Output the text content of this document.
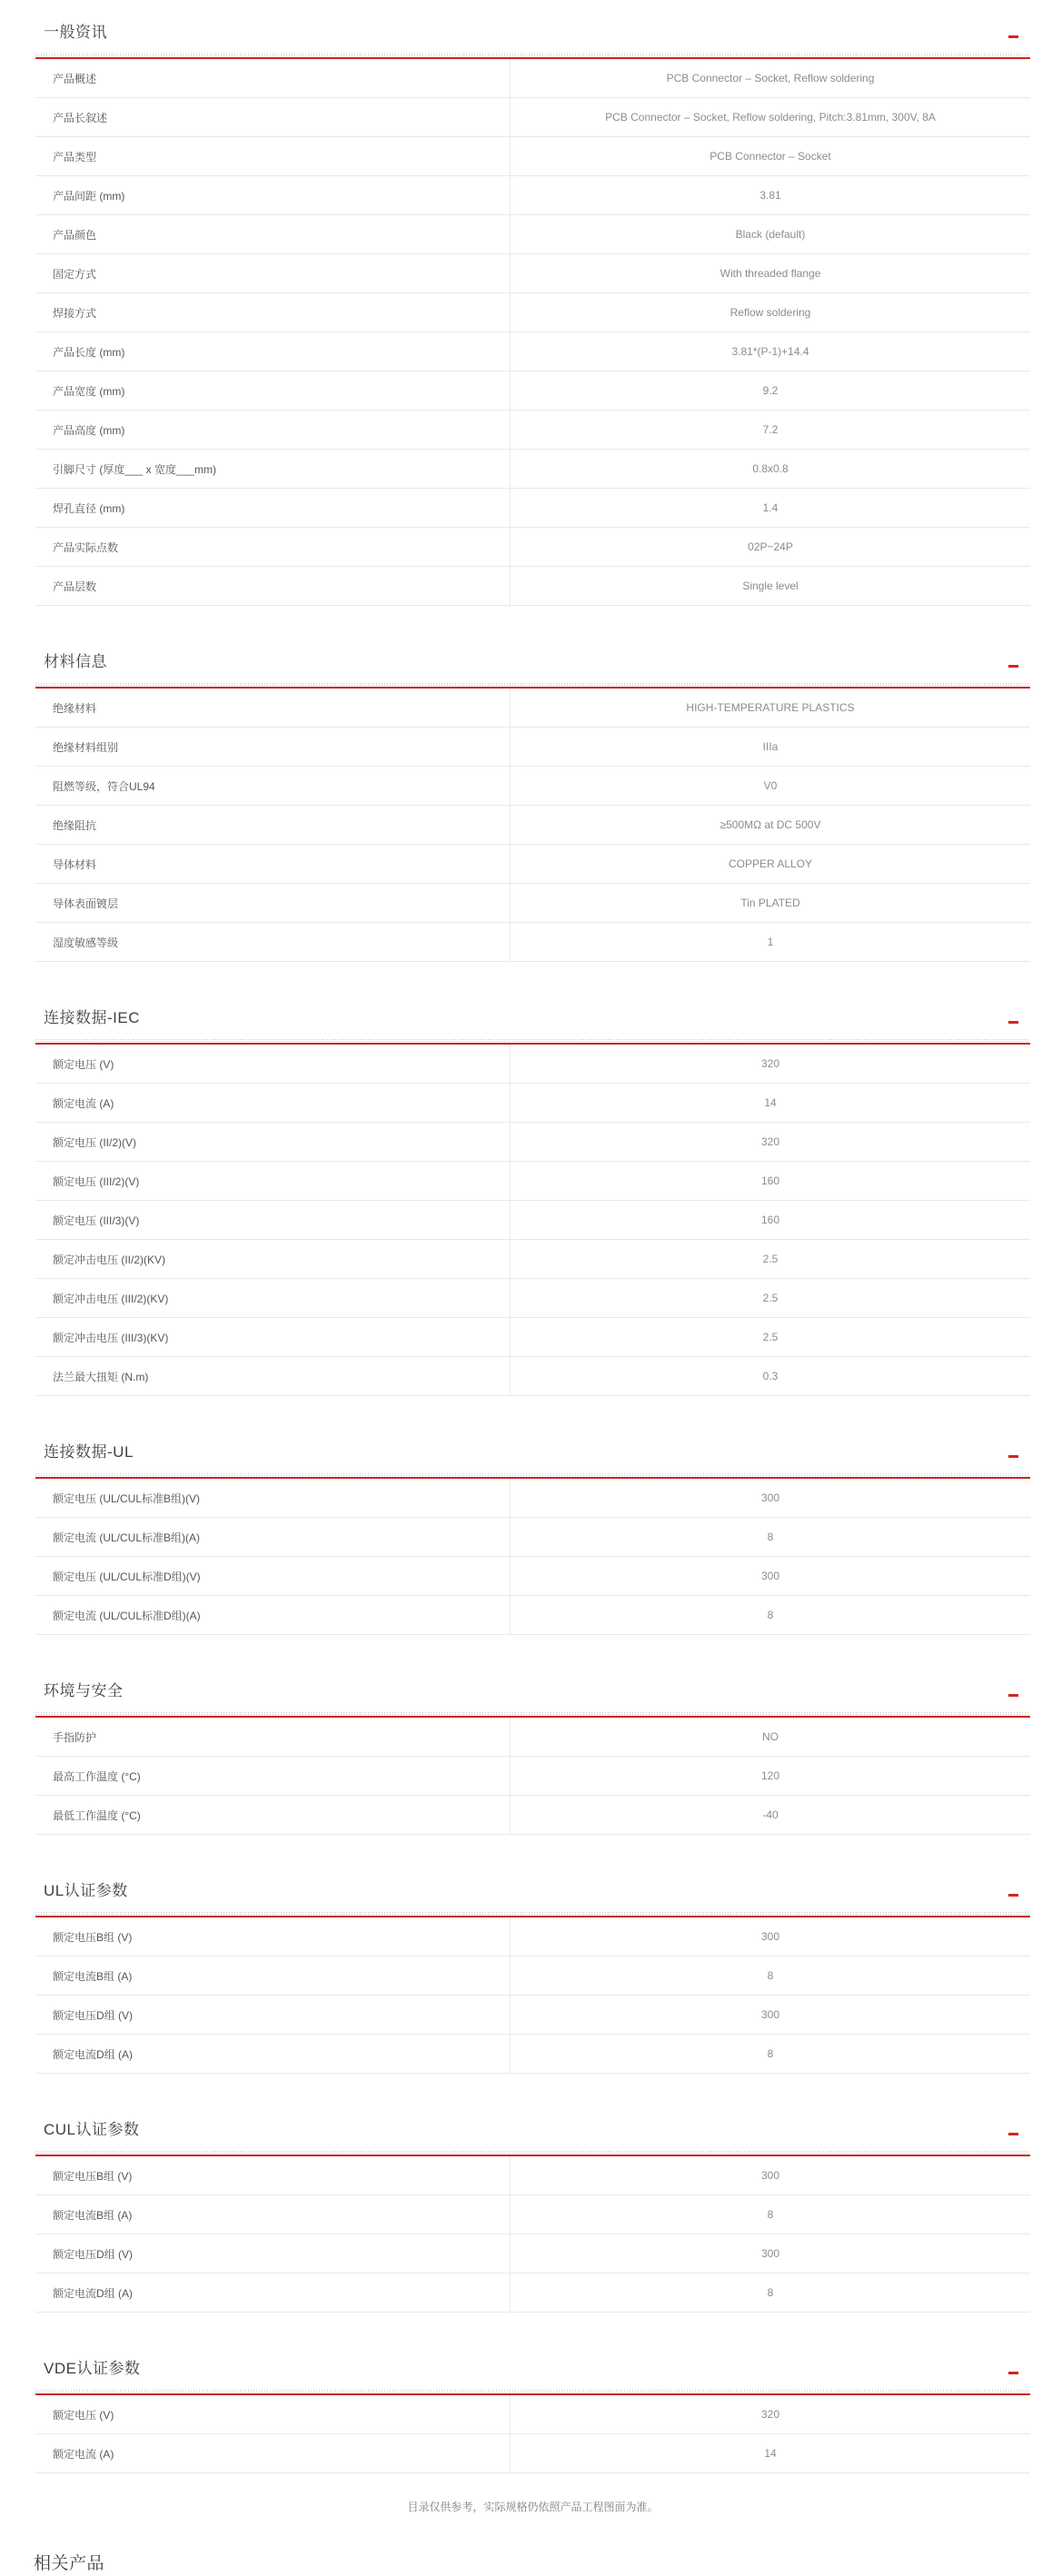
一般资讯
产品概述	PCB Connector – Socket, Reflow soldering
产品长叙述	PCB Connector – Socket, Reflow soldering, Pitch:3.81mm, 300V, 8A
产品类型	PCB Connector – Socket
产品间距 (mm)	3.81
产品颜色	Black (default)
固定方式	With threaded flange
焊接方式	Reflow soldering
产品长度 (mm)	3.81*(P-1)+14.4
产品宽度 (mm)	9.2
产品高度 (mm)	7.2
引脚尺寸 (厚度___ x 宽度___mm)	0.8x0.8
焊孔直径 (mm)	1.4
产品实际点数	02P~24P
产品层数	Single level
材料信息
绝缘材料	HIGH-TEMPERATURE PLASTICS
绝缘材料组别	IIIa
阻燃等级，符合UL94	V0
绝缘阻抗	≥500MΩ at DC 500V
导体材料	COPPER ALLOY
导体表面镀层	Tin PLATED
湿度敏感等级	1
连接数据-IEC
额定电压 (V)	320
额定电流 (A)	14
额定电压 (II/2)(V)	320
额定电压 (III/2)(V)	160
额定电压 (III/3)(V)	160
额定冲击电压 (II/2)(KV)	2.5
额定冲击电压 (III/2)(KV)	2.5
额定冲击电压 (III/3)(KV)	2.5
法兰最大扭矩 (N.m)	0.3
连接数据-UL
额定电压 (UL/CUL标准B组)(V)	300
额定电流 (UL/CUL标准B组)(A)	8
额定电压 (UL/CUL标准D组)(V)	300
额定电流 (UL/CUL标准D组)(A)	8
环境与安全
手指防护	NO
最高工作温度 (°C)	120
最低工作温度 (°C)	-40
UL认证参数
额定电压B组 (V)	300
额定电流B组 (A)	8
额定电压D组 (V)	300
额定电流D组 (A)	8
CUL认证参数
额定电压B组 (V)	300
额定电流B组 (A)	8
额定电压D组 (V)	300
额定电流D组 (A)	8
VDE认证参数
额定电压 (V)	320
额定电流 (A)	14
目录仅供参考，实际规格仍依照产品工程图面为准。
相关产品
